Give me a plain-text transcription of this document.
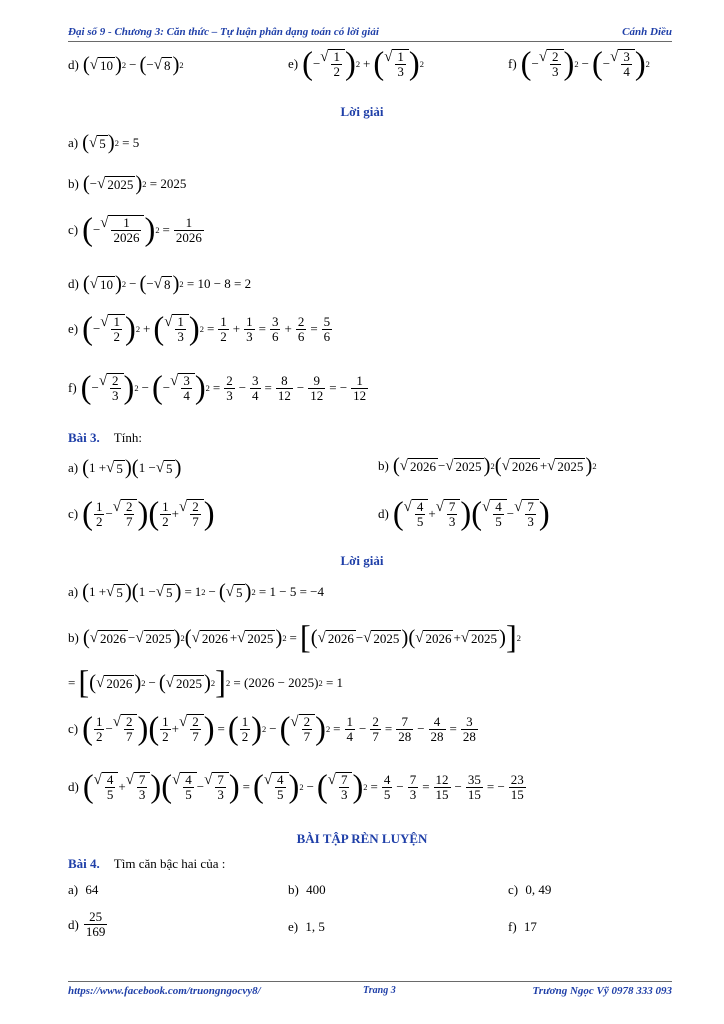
Đại số 9 - Chương 3: Căn thức – Tự luận phân dạng toán có lời giải	Cánh Diều
d) ( √ 10 ) 2 − ( − √ 8 ) 2	e) ( − √ $\frac{1}{2}$ ) 2 + ( √ $\frac{1}{3}$ ) 2	f) ( − √ $\frac{2}{3}$ ) 2 − ( − √ $\frac{3}{4}$ ) 2
Lời giải
a) ( √ 5 ) 2
= 5
b) ( − √ 2025 ) 2
= 2025
c) ( − √ $\frac{1}{2026}$ ) $2 = \frac{1}{2026}$
d) ( √ 10 ) 2 − ( − √ 8 ) 2
= 10 − 8 = 2
e) ( − √ $\frac{1}{2}$ ) 2 + ( √ $\frac{1}{3}$ ) $2 = \frac{1}{2} + \frac{1}{3} = \frac{3}{6} + \frac{2}{6} = \frac{5}{6}$
f) ( − √ $\frac{2}{3}$ ) 2 − ( − √ $\frac{3}{4}$ ) $2 = \frac{2}{3} - \frac{3}{4} = \frac{8}{12} - \frac{9}{12}$ = − $\frac{1}{12}$
Bài 3. Tính:
a) ( 1 + √ 5 ) ( 1 − √ 5 )	b) ( √ 2026 − √ 2025 ) 2 ( √ 2026 + √ 2025 ) 2
c) ( $\frac{1}{2}$ − √ $\frac{2}{7}$ ) ( $\frac{1}{2}$ + √ $\frac{2}{7}$ )	d) ( √ $\frac{4}{5}$ + √ $\frac{7}{3}$ ) ( √ $\frac{4}{5}$ − √ $\frac{7}{3}$ )
Lời giải
a) ( 1 + √ 5 ) ( 1 − √ 5 ) = 1 2 − ( √ 5 ) 2
= 1 − 5 = −4
b) ( √ 2026 − √ 2025 ) 2 ( √ 2026 + √ 2025 ) 2 = [ ( √ 2026 − √ 2025 ) ( √ 2026 + √ 2025 ) ] 2
= [ ( √ 2026 ) 2 − ( √ 2025 ) 2 ] 2
= (2026 − 2025) 2
= 1
c) ( $\frac{1}{2}$ − √ $\frac{2}{7}$ ) ( $\frac{1}{2}$ + √ $\frac{2}{7}$ ) = ( $\frac{1}{2}$ ) 2 − ( √ $\frac{2}{7}$ ) $2 = \frac{1}{4} - \frac{2}{7} = \frac{7}{28} - \frac{4}{28} = \frac{3}{28}$
d) ( √ $\frac{4}{5}$ + √ $\frac{7}{3}$ ) ( √ $\frac{4}{5}$ − √ $\frac{7}{3}$ ) = ( √ $\frac{4}{5}$ ) 2 − ( √ $\frac{7}{3}$ ) $2 = \frac{4}{5} - \frac{7}{3} = \frac{12}{15} - \frac{35}{15}$ = − $\frac{23}{15}$
BÀI TẬP RÈN LUYỆN
Bài 4. Tìm căn bậc hai của :
a)
64	b)
400	c)
0, 49
$d) \frac{25}{169}$	e)
1, 5	f)
17
https://www.facebook.com/truongngocvy8/	Trang 3	Trương Ngọc Vỹ 0978 333 093
